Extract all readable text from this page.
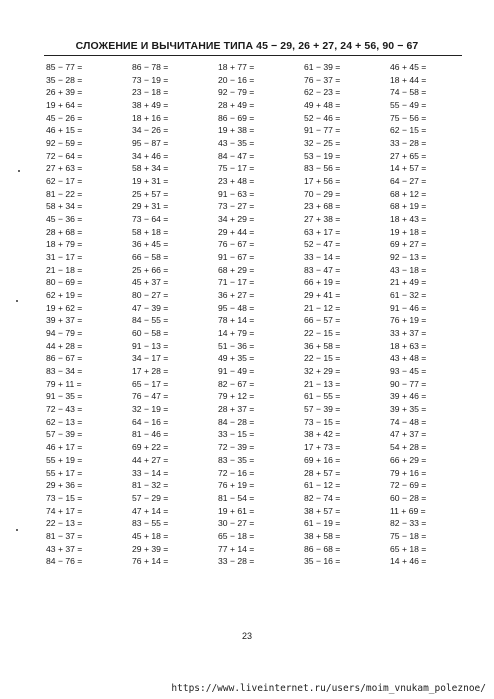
СЛОЖЕНИЕ И ВЫЧИТАНИЕ ТИПА 45 − 29, 26 + 27, 24 + 56, 90 − 67
85 − 77 =
35 − 28 =
26 + 39 =
19 + 64 =
45 − 26 =
46 + 15 =
92 − 59 =
72 − 64 =
27 + 63 =
62 − 17 =
81 − 22 =
58 + 34 =
45 − 36 =
28 + 68 =
18 + 79 =
31 − 17 =
21 − 18 =
80 − 69 =
62 + 19 =
19 + 62 =
39 + 37 =
94 − 79 =
44 + 28 =
86 − 67 =
83 − 34 =
79 + 11 =
91 − 35 =
72 − 43 =
62 − 13 =
57 − 39 =
46 + 17 =
55 + 19 =
55 + 17 =
29 + 36 =
73 − 15 =
74 + 17 =
22 − 13 =
81 − 37 =
43 + 37 =
84 − 76 =
86 − 78 =
73 − 19 =
23 − 18 =
38 + 49 =
18 + 16 =
34 − 26 =
95 − 87 =
34 + 46 =
58 + 34 =
19 + 31 =
25 + 57 =
29 + 31 =
73 − 64 =
58 + 18 =
36 + 45 =
66 − 58 =
25 + 66 =
45 + 37 =
80 − 27 =
47 − 39 =
84 − 55 =
60 − 58 =
91 − 13 =
34 − 17 =
17 + 28 =
65 − 17 =
76 − 47 =
32 − 19 =
64 − 16 =
81 − 46 =
69 + 22 =
44 + 27 =
33 − 14 =
81 − 32 =
57 − 29 =
47 + 14 =
83 − 55 =
45 + 18 =
29 + 39 =
76 + 14 =
18 + 77 =
20 − 16 =
92 − 79 =
28 + 49 =
86 − 69 =
19 + 38 =
43 − 35 =
84 − 47 =
75 − 17 =
23 + 48 =
91 − 63 =
73 − 27 =
34 + 29 =
29 + 44 =
76 − 67 =
91 − 67 =
68 + 29 =
71 − 17 =
36 + 27 =
95 − 48 =
78 + 14 =
14 + 79 =
51 − 36 =
49 + 35 =
91 − 49 =
82 − 67 =
79 + 12 =
28 + 37 =
84 − 28 =
33 − 15 =
72 − 39 =
83 − 35 =
72 − 16 =
76 + 19 =
81 − 54 =
19 + 61 =
30 − 27 =
65 − 18 =
77 + 14 =
33 − 28 =
61 − 39 =
76 − 37 =
62 − 23 =
49 + 48 =
52 − 46 =
91 − 77 =
32 − 25 =
53 − 19 =
83 − 56 =
17 + 56 =
70 − 29 =
23 + 68 =
27 + 38 =
63 + 17 =
52 − 47 =
33 − 14 =
83 − 47 =
66 + 19 =
29 + 41 =
21 − 12 =
66 − 57 =
22 − 15 =
36 + 58 =
22 − 15 =
32 + 29 =
21 − 13 =
61 − 55 =
57 − 39 =
73 − 15 =
38 + 42 =
17 + 73 =
69 + 16 =
28 + 57 =
61 − 12 =
82 − 74 =
38 + 57 =
61 − 19 =
38 + 58 =
86 − 68 =
35 − 16 =
46 + 45 =
18 + 44 =
74 − 58 =
55 − 49 =
75 − 56 =
62 − 15 =
33 − 28 =
27 + 65 =
14 + 57 =
64 − 27 =
68 + 12 =
68 + 19 =
18 + 43 =
19 + 18 =
69 + 27 =
92 − 13 =
43 − 18 =
21 + 49 =
61 − 32 =
91 − 46 =
76 + 19 =
33 + 37 =
18 + 63 =
43 + 48 =
93 − 45 =
90 − 77 =
39 + 46 =
39 + 35 =
74 − 48 =
47 + 37 =
54 + 28 =
66 + 29 =
79 + 16 =
72 − 69 =
60 − 28 =
11 + 69 =
82 − 33 =
75 − 18 =
65 + 18 =
14 + 46 =
23
https://www.liveinternet.ru/users/moim_vnukam_poleznoe/
